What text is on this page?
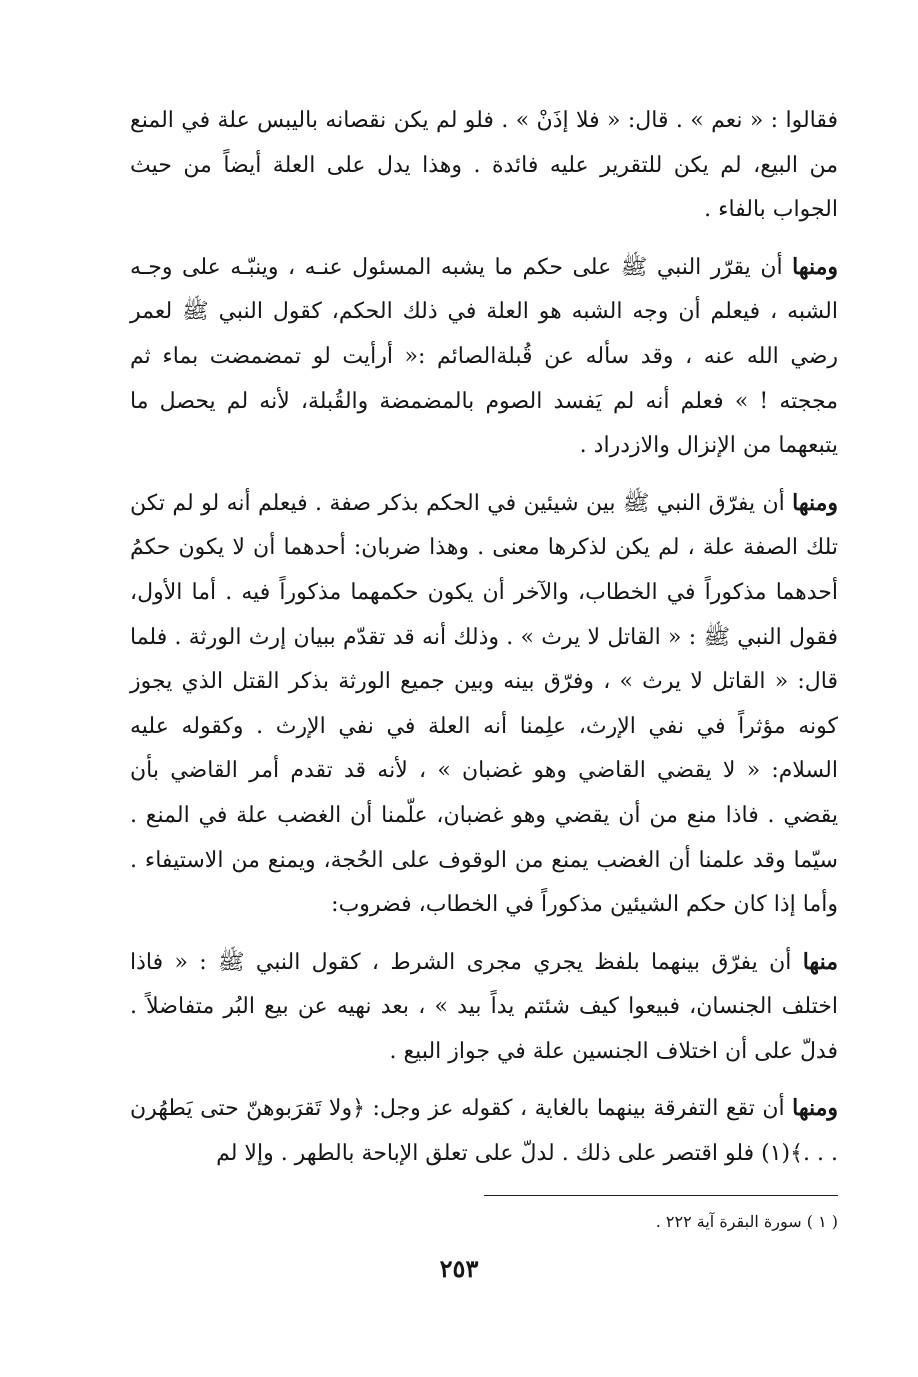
فقالوا : « نعم » . قال: « فلا إذَنْ » . فلو لم يكن نقصانه باليبس علة في المنع من البيع، لم يكن للتقرير عليه فائدة . وهذا يدل على العلة أيضاً من حيث الجواب بالفاء .

ومنها أن يقرّر النبي ﷺ على حكم ما يشبه المسئول عنـه ، وينبّـه على وجـه الشبه ، فيعلم أن وجه الشبه هو العلة في ذلك الحكم، كقول النبي ﷺ لعمر رضي الله عنه ، وقد سأله عن قُبلةالصائم :« أرأيت لو تمضمضت بماء ثم مججته ! » فعلم أنه لم يَفسد الصوم بالمضمضة والقُبلة، لأنه لم يحصل ما يتبعهما من الإنزال والازدراد .

ومنها أن يفرّق النبي ﷺ بين شيئين في الحكم بذكر صفة . فيعلم أنه لو لم تكن تلك الصفة علة ، لم يكن لذكرها معنى . وهذا ضربان: أحدهما أن لا يكون حكمُ أحدهما مذكوراً في الخطاب، والآخر أن يكون حكمهما مذكوراً فيه . أما الأول، فقول النبي ﷺ : « القاتل لا يرث » . وذلك أنه قد تقدّم ببيان إرث الورثة . فلما قال: « القاتل لا يرث » ، وفرّق بينه وبين جميع الورثة بذكر القتل الذي يجوز كونه مؤثراً في نفي الإرث، علِمنا أنه العلة في نفي الإرث . وكقوله عليه السلام: « لا يقضي القاضي وهو غضبان » ، لأنه قد تقدم أمر القاضي بأن يقضي . فاذا منع من أن يقضي وهو غضبان، علّمنا أن الغضب علة في المنع . سيّما وقد علمنا أن الغضب يمنع من الوقوف على الحُجة، ويمنع من الاستيفاء . وأما إذا كان حكم الشيئين مذكوراً في الخطاب، فضروب:

منها أن يفرّق بينهما بلفظ يجري مجرى الشرط ، كقول النبي ﷺ : « فاذا اختلف الجنسان، فبيعوا كيف شئتم يداً بيد » ، بعد نهيه عن بيع البُر متفاضلاً . فدلّ على أن اختلاف الجنسين علة في جواز البيع .

ومنها أن تقع التفرقة بينهما بالغاية ، كقوله عز وجل: ﴿ولا تَقرَبوهنّ حتى يَطهُرن . . .﴾(١) فلو اقتصر على ذلك . لدلّ على تعلق الإباحة بالطهر . وإلا لم

( ١ ) سورة البقرة آية ٢٢٢ .
٢٥٣
